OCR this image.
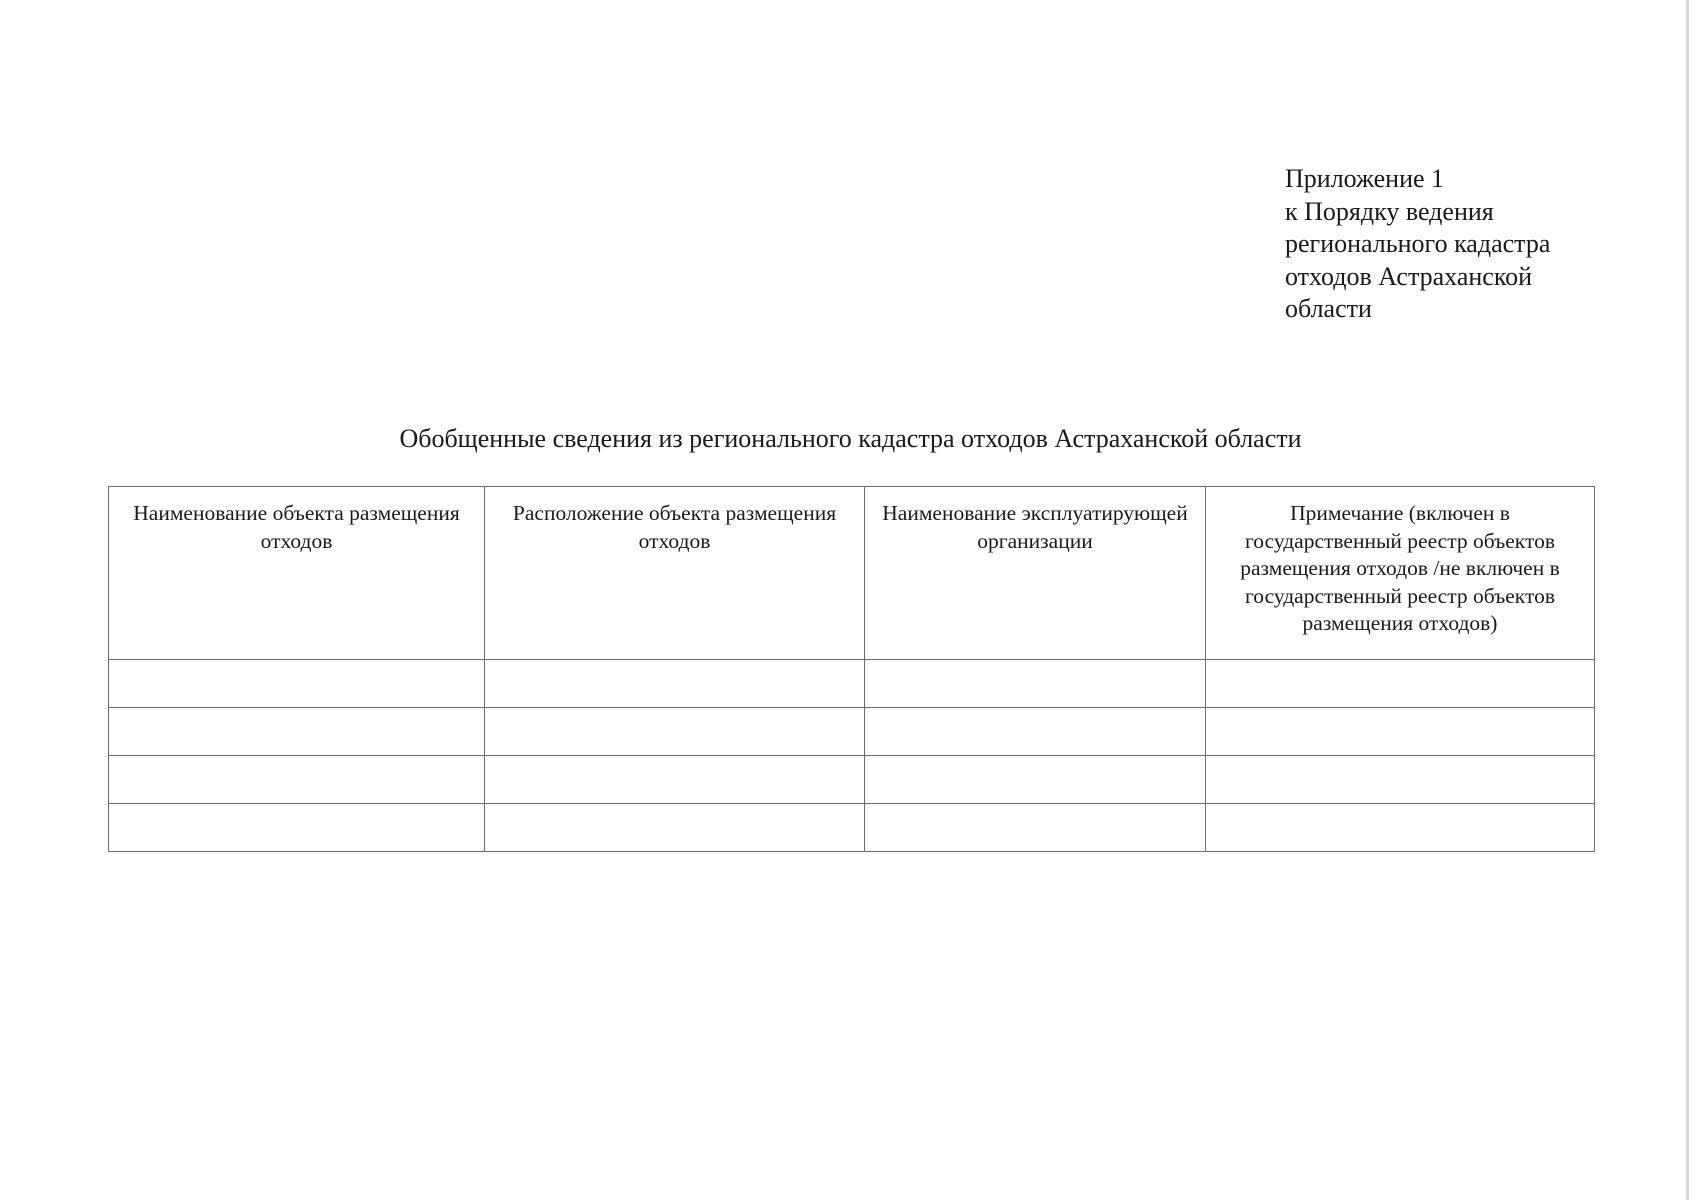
Приложение 1
к Порядку ведения
регионального кадастра
отходов Астраханской
области
Обобщенные сведения из регионального кадастра отходов Астраханской области
Наименование объекта размещения отходов	Расположение объекта размещения отходов	Наименование эксплуатирующей организации	Примечание (включен в государственный реестр объектов размещения отходов /не включен в государственный реестр объектов размещения отходов)
